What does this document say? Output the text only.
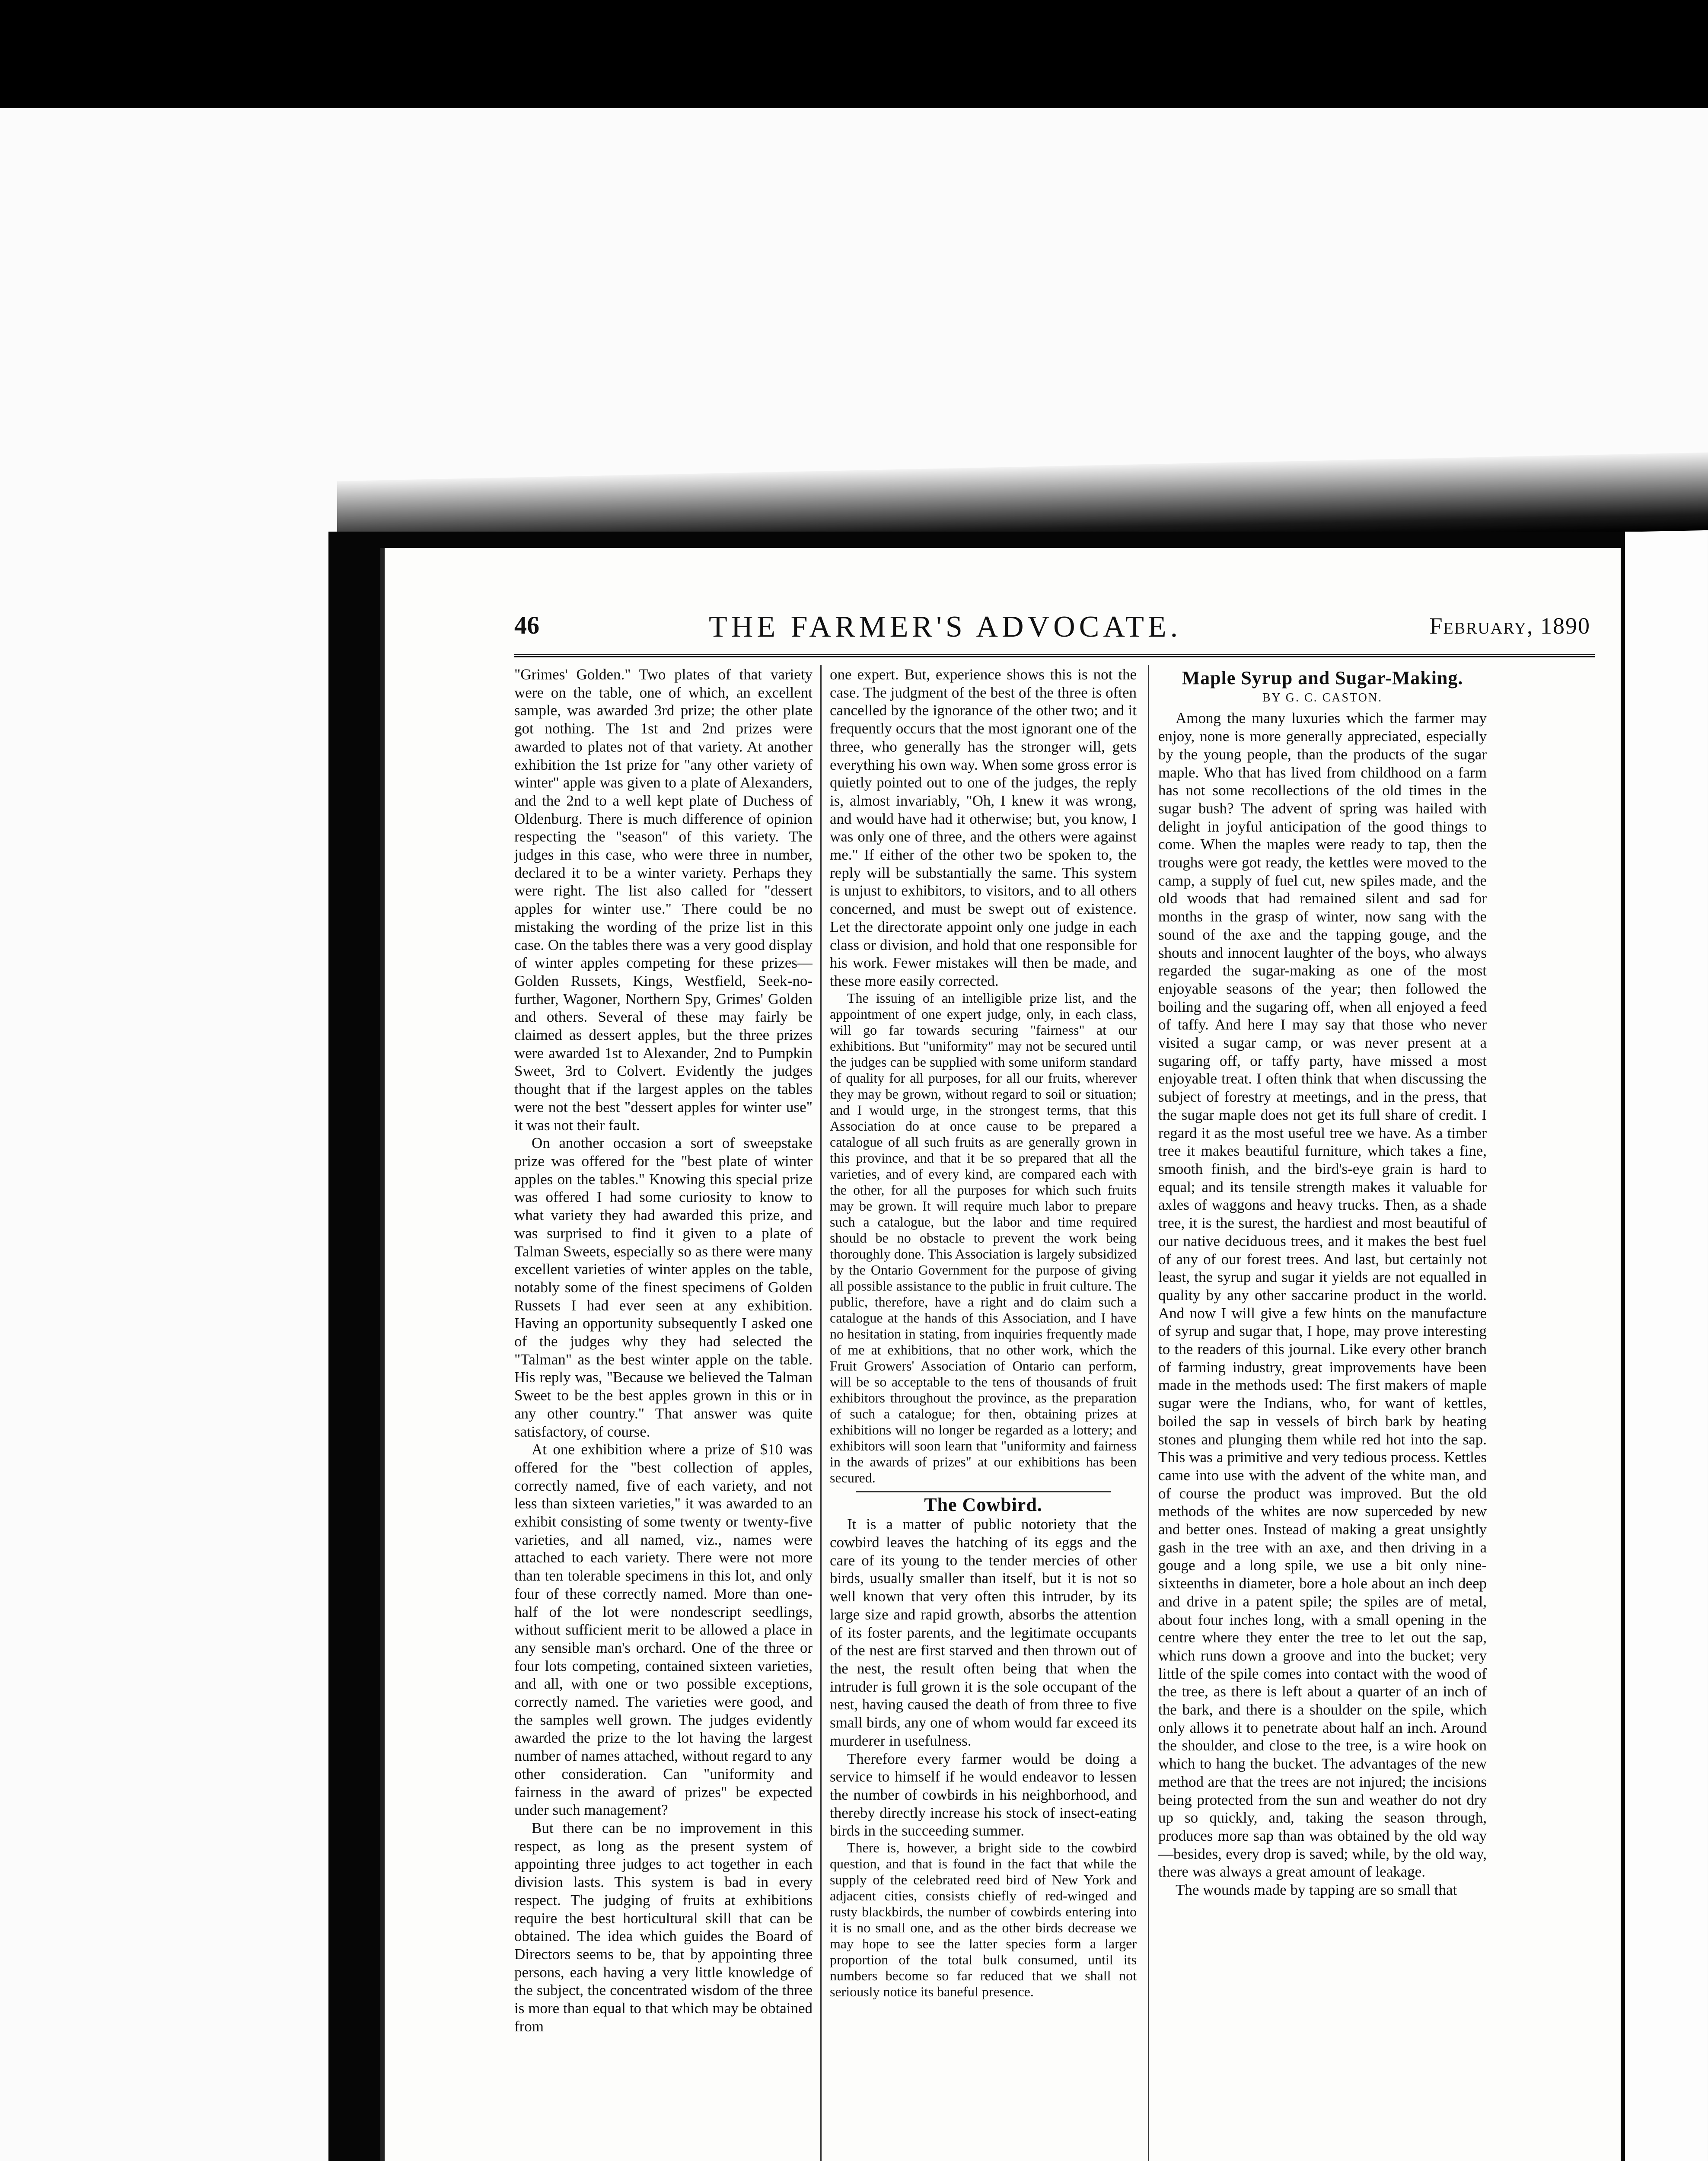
46	THE FARMER'S ADVOCATE.	February, 1890

"Grimes' Golden." Two plates of that variety were on the table, one of which, an excellent sample, was awarded 3rd prize; the other plate got nothing. The 1st and 2nd prizes were awarded to plates not of that variety. At another exhibition the 1st prize for "any other variety of winter" apple was given to a plate of Alexanders, and the 2nd to a well kept plate of Duchess of Oldenburg. There is much difference of opinion respecting the "season" of this variety. The judges in this case, who were three in number, declared it to be a winter variety. Perhaps they were right. The list also called for "dessert apples for winter use." There could be no mistaking the wording of the prize list in this case. On the tables there was a very good display of winter apples competing for these prizes—Golden Russets, Kings, Westfield, Seek-no-further, Wagoner, Northern Spy, Grimes' Golden and others. Several of these may fairly be claimed as dessert apples, but the three prizes were awarded 1st to Alexander, 2nd to Pumpkin Sweet, 3rd to Colvert. Evidently the judges thought that if the largest apples on the tables were not the best "dessert apples for winter use" it was not their fault.

On another occasion a sort of sweepstake prize was offered for the "best plate of winter apples on the tables." Knowing this special prize was offered I had some curiosity to know to what variety they had awarded this prize, and was surprised to find it given to a plate of Talman Sweets, especially so as there were many excellent varieties of winter apples on the table, notably some of the finest specimens of Golden Russets I had ever seen at any exhibition. Having an opportunity subsequently I asked one of the judges why they had selected the "Talman" as the best winter apple on the table. His reply was, "Because we believed the Talman Sweet to be the best apples grown in this or in any other country." That answer was quite satisfactory, of course.

At one exhibition where a prize of $10 was offered for the "best collection of apples, correctly named, five of each variety, and not less than sixteen varieties," it was awarded to an exhibit consisting of some twenty or twenty-five varieties, and all named, viz., names were attached to each variety. There were not more than ten tolerable specimens in this lot, and only four of these correctly named. More than one-half of the lot were nondescript seedlings, without sufficient merit to be allowed a place in any sensible man's orchard. One of the three or four lots competing, contained sixteen varieties, and all, with one or two possible exceptions, correctly named. The varieties were good, and the samples well grown. The judges evidently awarded the prize to the lot having the largest number of names attached, without regard to any other consideration. Can "uniformity and fairness in the award of prizes" be expected under such management?

But there can be no improvement in this respect, as long as the present system of appointing three judges to act together in each division lasts. This system is bad in every respect. The judging of fruits at exhibitions require the best horticultural skill that can be obtained. The idea which guides the Board of Directors seems to be, that by appointing three persons, each having a very little knowledge of the subject, the concentrated wisdom of the three is more than equal to that which may be obtained from

one expert. But, experience shows this is not the case. The judgment of the best of the three is often cancelled by the ignorance of the other two; and it frequently occurs that the most ignorant one of the three, who generally has the stronger will, gets everything his own way. When some gross error is quietly pointed out to one of the judges, the reply is, almost invariably, "Oh, I knew it was wrong, and would have had it otherwise; but, you know, I was only one of three, and the others were against me." If either of the other two be spoken to, the reply will be substantially the same. This system is unjust to exhibitors, to visitors, and to all others concerned, and must be swept out of existence. Let the directorate appoint only one judge in each class or division, and hold that one responsible for his work. Fewer mistakes will then be made, and these more easily corrected.

The issuing of an intelligible prize list, and the appointment of one expert judge, only, in each class, will go far towards securing "fairness" at our exhibitions. But "uniformity" may not be secured until the judges can be supplied with some uniform standard of quality for all purposes, for all our fruits, wherever they may be grown, without regard to soil or situation; and I would urge, in the strongest terms, that this Association do at once cause to be prepared a catalogue of all such fruits as are generally grown in this province, and that it be so prepared that all the varieties, and of every kind, are compared each with the other, for all the purposes for which such fruits may be grown. It will require much labor to prepare such a catalogue, but the labor and time required should be no obstacle to prevent the work being thoroughly done. This Association is largely subsidized by the Ontario Government for the purpose of giving all possible assistance to the public in fruit culture. The public, therefore, have a right and do claim such a catalogue at the hands of this Association, and I have no hesitation in stating, from inquiries frequently made of me at exhibitions, that no other work, which the Fruit Growers' Association of Ontario can perform, will be so acceptable to the tens of thousands of fruit exhibitors throughout the province, as the preparation of such a catalogue; for then, obtaining prizes at exhibitions will no longer be regarded as a lottery; and exhibitors will soon learn that "uniformity and fairness in the awards of prizes" at our exhibitions has been secured.

The Cowbird.

It is a matter of public notoriety that the cowbird leaves the hatching of its eggs and the care of its young to the tender mercies of other birds, usually smaller than itself, but it is not so well known that very often this intruder, by its large size and rapid growth, absorbs the attention of its foster parents, and the legitimate occupants of the nest are first starved and then thrown out of the nest, the result often being that when the intruder is full grown it is the sole occupant of the nest, having caused the death of from three to five small birds, any one of whom would far exceed its murderer in usefulness.

Therefore every farmer would be doing a service to himself if he would endeavor to lessen the number of cowbirds in his neighborhood, and thereby directly increase his stock of insect-eating birds in the succeeding summer.

There is, however, a bright side to the cowbird question, and that is found in the fact that while the supply of the celebrated reed bird of New York and adjacent cities, consists chiefly of red-winged and rusty blackbirds, the number of cowbirds entering into it is no small one, and as the other birds decrease we may hope to see the latter species form a larger proportion of the total bulk consumed, until its numbers become so far reduced that we shall not seriously notice its baneful presence.

Maple Syrup and Sugar-Making.
BY G. C. CASTON.

Among the many luxuries which the farmer may enjoy, none is more generally appreciated, especially by the young people, than the products of the sugar maple. Who that has lived from childhood on a farm has not some recollections of the old times in the sugar bush? The advent of spring was hailed with delight in joyful anticipation of the good things to come. When the maples were ready to tap, then the troughs were got ready, the kettles were moved to the camp, a supply of fuel cut, new spiles made, and the old woods that had remained silent and sad for months in the grasp of winter, now sang with the sound of the axe and the tapping gouge, and the shouts and innocent laughter of the boys, who always regarded the sugar-making as one of the most enjoyable seasons of the year; then followed the boiling and the sugaring off, when all enjoyed a feed of taffy. And here I may say that those who never visited a sugar camp, or was never present at a sugaring off, or taffy party, have missed a most enjoyable treat. I often think that when discussing the subject of forestry at meetings, and in the press, that the sugar maple does not get its full share of credit. I regard it as the most useful tree we have. As a timber tree it makes beautiful furniture, which takes a fine, smooth finish, and the bird's-eye grain is hard to equal; and its tensile strength makes it valuable for axles of waggons and heavy trucks. Then, as a shade tree, it is the surest, the hardiest and most beautiful of our native deciduous trees, and it makes the best fuel of any of our forest trees. And last, but certainly not least, the syrup and sugar it yields are not equalled in quality by any other saccarine product in the world. And now I will give a few hints on the manufacture of syrup and sugar that, I hope, may prove interesting to the readers of this journal. Like every other branch of farming industry, great improvements have been made in the methods used: The first makers of maple sugar were the Indians, who, for want of kettles, boiled the sap in vessels of birch bark by heating stones and plunging them while red hot into the sap. This was a primitive and very tedious process. Kettles came into use with the advent of the white man, and of course the product was improved. But the old methods of the whites are now superceded by new and better ones. Instead of making a great unsightly gash in the tree with an axe, and then driving in a gouge and a long spile, we use a bit only nine-sixteenths in diameter, bore a hole about an inch deep and drive in a patent spile; the spiles are of metal, about four inches long, with a small opening in the centre where they enter the tree to let out the sap, which runs down a groove and into the bucket; very little of the spile comes into contact with the wood of the tree, as there is left about a quarter of an inch of the bark, and there is a shoulder on the spile, which only allows it to penetrate about half an inch. Around the shoulder, and close to the tree, is a wire hook on which to hang the bucket. The advantages of the new method are that the trees are not injured; the incisions being protected from the sun and weather do not dry up so quickly, and, taking the season through, produces more sap than was obtained by the old way—besides, every drop is saved; while, by the old way, there was always a great amount of leakage.

The wounds made by tapping are so small that
